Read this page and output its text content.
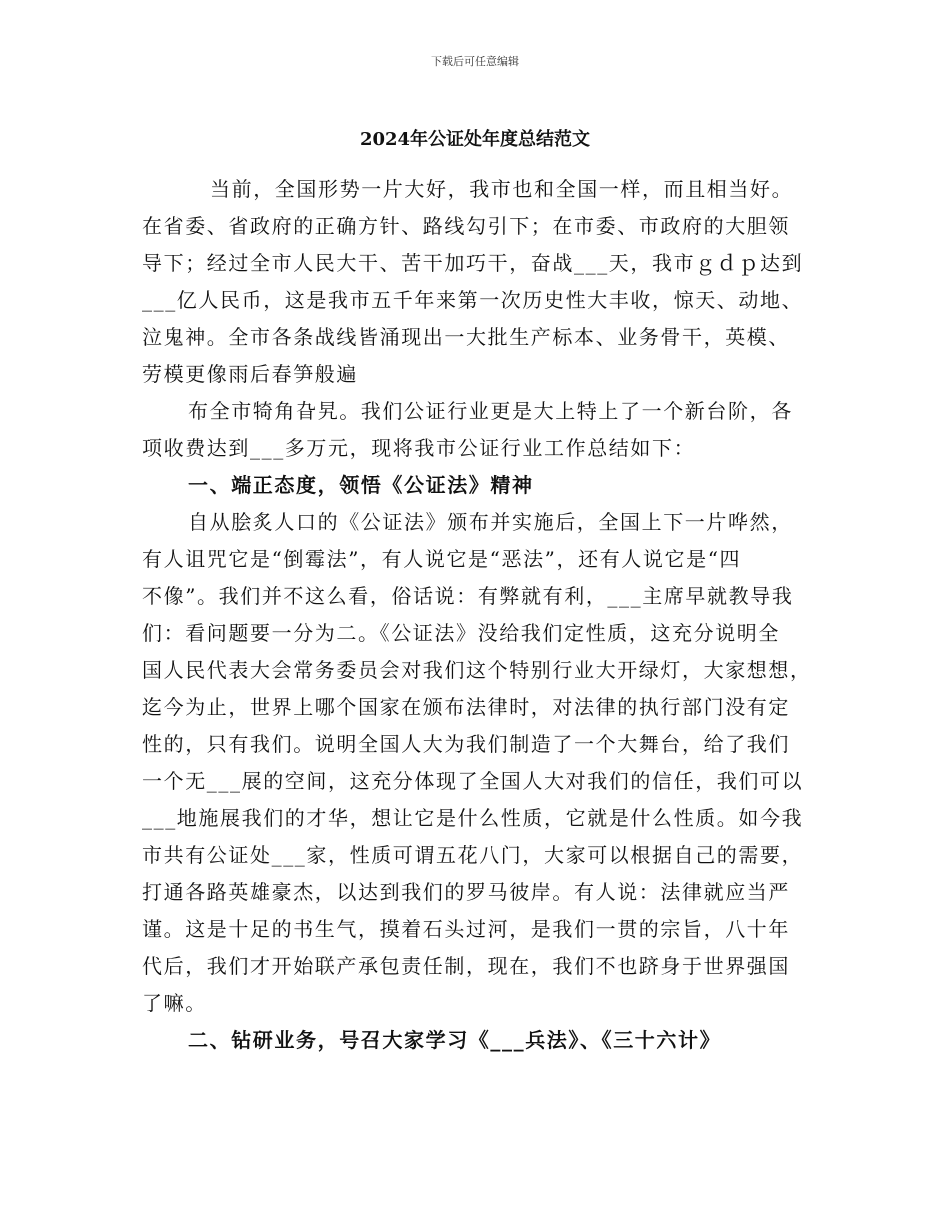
下载后可任意编辑
2024年公证处年度总结范文
当前，全国形势一片大好，我市也和全国一样，而且相当好。
在省委、省政府的正确方针、路线勾引下；在市委、市政府的大胆领
导下；经过全市人民大干、苦干加巧干，奋战___天，我市ｇｄｐ达到
___亿人民币，这是我市五千年来第一次历史性大丰收，惊天、动地、
泣鬼神。全市各条战线皆涌现出一大批生产标本、业务骨干，英模、
劳模更像雨后春笋般遍
布全市犄角旮旯。我们公证行业更是大上特上了一个新台阶，各
项收费达到___多万元，现将我市公证行业工作总结如下：
一、端正态度，领悟《公证法》精神
自从脍炙人口的《公证法》颁布并实施后，全国上下一片哗然，
有人诅咒它是“倒霉法”，有人说它是“恶法”，还有人说它是“四
不像”。我们并不这么看，俗话说：有弊就有利，___主席早就教导我
们：看问题要一分为二。《公证法》没给我们定性质，这充分说明全
国人民代表大会常务委员会对我们这个特别行业大开绿灯，大家想想，
迄今为止，世界上哪个国家在颁布法律时，对法律的执行部门没有定
性的，只有我们。说明全国人大为我们制造了一个大舞台，给了我们
一个无___展的空间，这充分体现了全国人大对我们的信任，我们可以
___地施展我们的才华，想让它是什么性质，它就是什么性质。如今我
市共有公证处___家，性质可谓五花八门，大家可以根据自己的需要，
打通各路英雄豪杰，以达到我们的罗马彼岸。有人说：法律就应当严
谨。这是十足的书生气，摸着石头过河，是我们一贯的宗旨，八十年
代后，我们才开始联产承包责任制，现在，我们不也跻身于世界强国
了嘛。
二、钻研业务，号召大家学习《___兵法》、《三十六计》
